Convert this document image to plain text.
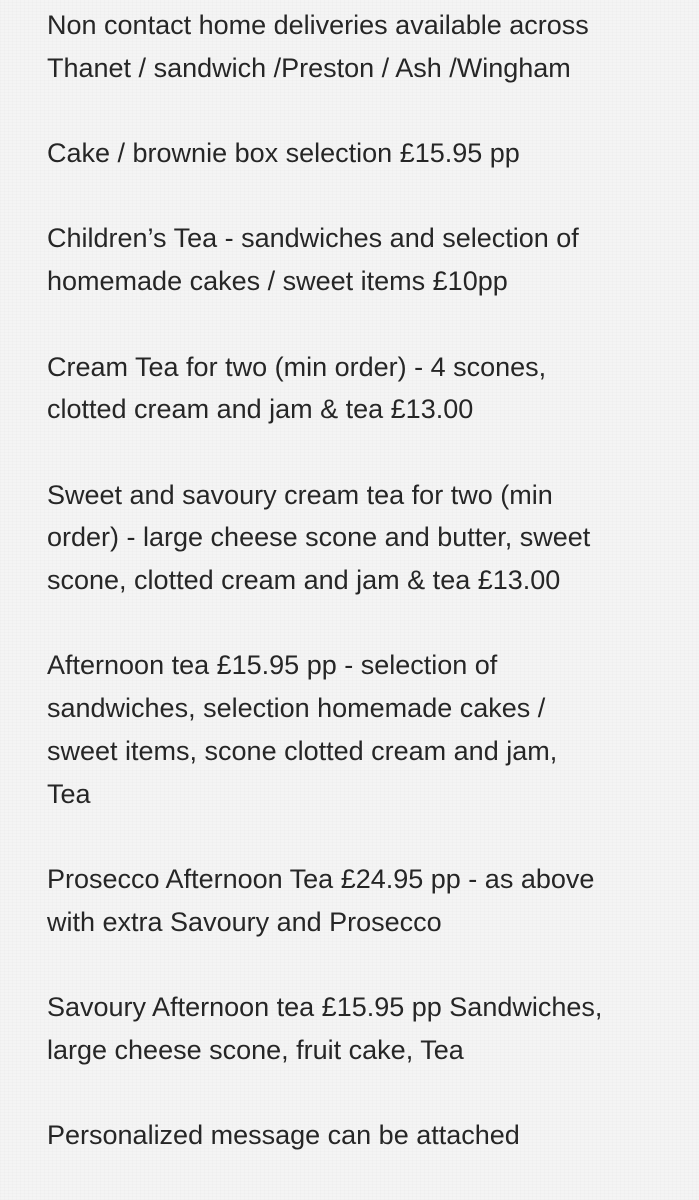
Non contact home deliveries available across
Thanet / sandwich /Preston / Ash /Wingham

Cake / brownie box selection £15.95 pp

Children’s Tea - sandwiches and selection of
homemade cakes / sweet items £10pp

Cream Tea for two (min order) - 4 scones,
clotted cream and jam & tea £13.00

Sweet and savoury cream tea for two (min
order) - large cheese scone and butter, sweet
scone, clotted cream and jam & tea £13.00

Afternoon tea £15.95 pp - selection of
sandwiches, selection homemade cakes /
sweet items, scone clotted cream and jam,
Tea

Prosecco Afternoon Tea £24.95 pp - as above
with extra Savoury and Prosecco

Savoury Afternoon tea £15.95 pp Sandwiches,
large cheese scone, fruit cake, Tea

Personalized message can be attached
